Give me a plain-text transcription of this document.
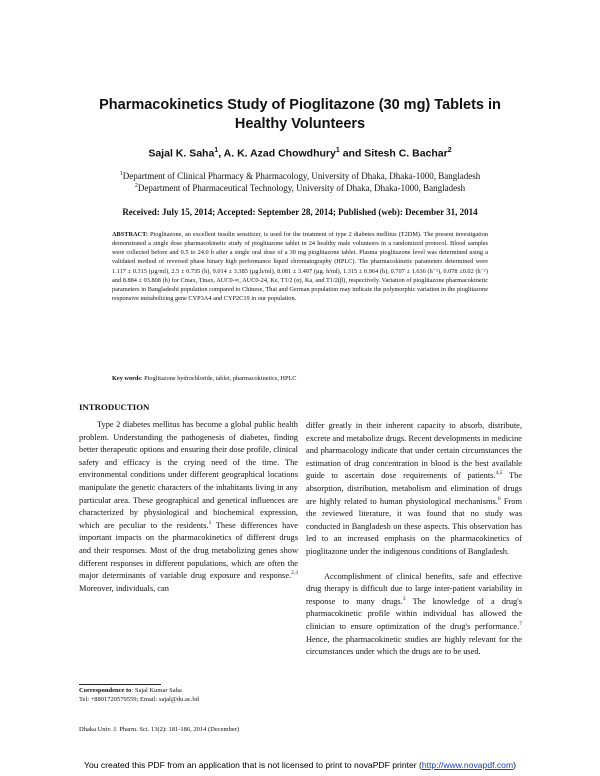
Pharmacokinetics Study of Pioglitazone (30 mg) Tablets in Healthy Volunteers
Sajal K. Saha$^1$, A. K. Azad Chowdhury$^1$ and Sitesh C. Bachar$^2$
$^1$Department of Clinical Pharmacy & Pharmacology, University of Dhaka, Dhaka-1000, Bangladesh
$^2$Department of Pharmaceutical Technology, University of Dhaka, Dhaka-1000, Bangladesh
Received: July 15, 2014; Accepted: September 28, 2014; Published (web): December 31, 2014
ABSTRACT: Pioglitazone, an excellent insulin sensitizer, is used for the treatment of type 2 diabetes mellitus (T2DM). The present investigation demonstrated a single dose pharmacokinetic study of pioglitazone tablet in 24 healthy male volunteers in a randomized protocol. Blood samples were collected before and 0.5 to 24.0 h after a single oral dose of a 30 mg pioglitazone tablet. Plasma pioglitazone level was determined using a validated method of reversed phase binary high performance liquid chromatography (HPLC). The pharmacokinetic parameters determined were 1.117 ± 0.315 (µg/ml), 2.5 ± 0.735 (h), 9.014 ± 3.385 (µg.h/ml), 8.081 ± 3.407 (µg. h/ml), 1.315 ± 0.964 (h), 0.707 ± 1.636 (h⁻¹), 0.078 ±0.02 (h⁻¹) and 8.884 ± 03.808 (h) for Cmax, Tmax, AUC0-∞, AUC0-24, Ke, T1/2 (α), Ka, and T1/2(β), respectively. Variation of pioglitazone pharmacokinetic parameters in Bangladeshi population compared to Chinese, Thai and German population may indicate the polymorphic variation in the pioglitazone responsive metabolizing gene CYP3A4 and CYP2C19 in our population.
Key words: Pioglitazone hydrochloride, tablet, pharmacokinetics, HPLC
INTRODUCTION

Type 2 diabetes mellitus has become a global public health problem. Understanding the pathogenesis of diabetes, finding better therapeutic options and ensuring their dose profile, clinical safety and efficacy is the crying need of the time. The environmental conditions under different geographical locations manipulate the genetic characters of the inhabitants living in any particular area. These geographical and genetical influences are characterized by physiological and biochemical expression, which are peculiar to the residents.$^1$ These differences have important impacts on the pharmacokinetics of different drugs and their responses. Most of the drug metabolizing genes show different responses in different populations, which are often the major determinants of variable drug exposure and response.$^{2,3}$ Moreover, individuals, can

differ greatly in their inherent capacity to absorb, distribute, excrete and metabolize drugs. Recent developments in medicine and pharmacology indicate that under certain circumstances the estimation of drug concentration in blood is the best available guide to ascertain dose requirements of patients.$^{4,5}$ The absorption, distribution, metabolism and elimination of drugs are highly related to human physiological mechanisms.$^6$ From the reviewed literature, it was found that no study was conducted in Bangladesh on these aspects. This observation has led to an increased emphasis on the pharmacokinetics of pioglitazone under the indigenous conditions of Bangladesh.

Accomplishment of clinical benefits, safe and effective drug therapy is difficult due to large inter-patient variability in response to many drugs.$^3$ The knowledge of a drug's pharmacokinetic profile within individual has allowed the clinician to ensure optimization of the drug's performance.$^7$ Hence, the pharmacokinetic studies are highly relevant for the circumstances under which the drugs are to be used.

Correspondence to: Sajal Kumar Saha
Tel: +8801720579559; Email: sajal@du.ac.bd
Dhaka Univ. J. Pharm. Sci. 13(2): 181-186, 2014 (December)
You created this PDF from an application that is not licensed to print to novaPDF printer (http://www.novapdf.com)
